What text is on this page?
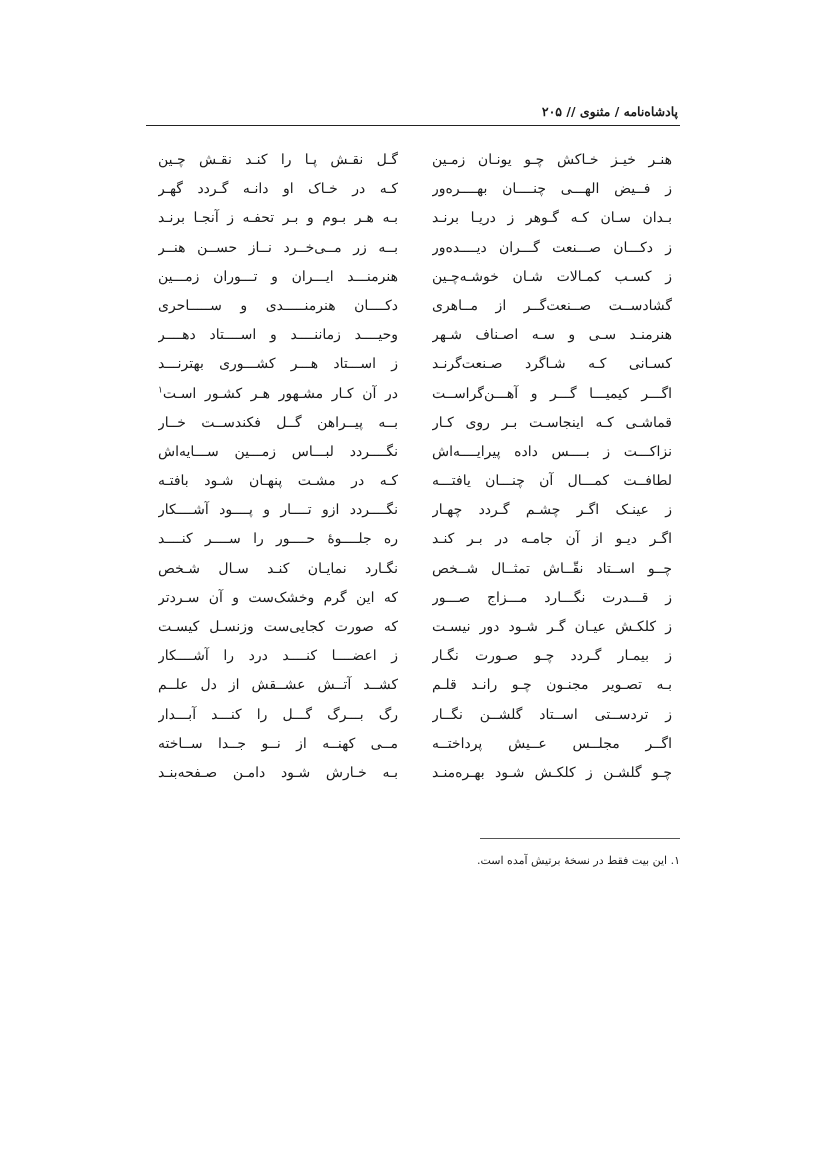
پادشاه‌نامه / مثنوی // ۲۰۵
هنـر خیـز خـاکش چـو یونـان زمـین
ز فــیض الهـــی چنــــان بهــــره‌ور
بـدان سـان کـه گـوهر ز دریـا برنـد
ز دکـــان صـــنعت گـــران دیــــده‌ور
ز کسـب کمـالات شـان خوشـه‌چـین
گشادســت صــنعت‌گــر از مــاهری
هنرمنـد سـی و سـه اصـناف شـهر
کسـانی کـه شـاگرد صـنعت‌گرنـد
اگـــر کیمیـــا گـــر و آهـــن‌گراســت
قماشـی کـه اینجاسـت بـر روی کـار
نزاکـــت ز بــــس داده پیرایــــه‌اش
لطافــت کمـــال آن چنـــان یافتـــه
ز عینـک اگـر چشـم گـردد چهـار
اگـر دیـو از آن جامـه در بـر کنـد
چــو اســتاد نقّــاش تمثــال شــخص
ز قـــدرت نگـــارد مـــزاج صـــور
ز کلکـش عیـان گـر شـود دور نیسـت
ز بیمـار گـردد چـو صـورت نگـار
بـه تصـویر مجنـون چـو رانـد قلـم
ز تردســتی اســتاد گلشــن نگــار
اگــر مجلــس عــیش پرداختــه
چـو گلشـن ز کلکـش شـود بهـره‌منـد
گـل نقـش پـا را کنـد نقـش چـین
کـه در خـاک او دانـه گـردد گهـر
بـه هـر بـوم و بـر تحفـه ز آنجـا برنـد
بــه زر مــی‌خــرد نــاز حســن هنــر
هنرمنـــد ایـــران و تـــوران زمـــین
دکــــان هنرمنـــــدی و ســـــاحری
وحیــــد زماننــــد و اســــتاد دهــــر
ز اســـتاد هـــر کشـــوری بهترنـــد
در آن کـار مشـهور هـر کشـور اسـت$^۱$
بــه پیــراهن گــل فکندســت خــار
نگــــردد لبـــاس زمـــین ســـایه‌اش
کـه در مشـت پنهـان شـود بافتـه
نگــــردد ازو تــــار و پــــود آشــــکار
ره جلــــوۀ حــــور را ســــر کنــــد
نگـارد نمایـان کنـد سـال شـخص
که این گرم وخشک‌ست و آن سـردتر
که صورت کجایی‌ست وزنسـل کیسـت
ز اعضــــا کنــــد درد را آشــــکار
کشــد آتــش عشــقش از دل علــم
رگ بـــرگ گـــل را کنـــد آبـــدار
مــی کهنــه از نــو جــدا ســاخته
بـه خـارش شـود دامـن صـفحه‌بنـد
۱. این بیت فقط در نسخۀ برتیش آمده است.
